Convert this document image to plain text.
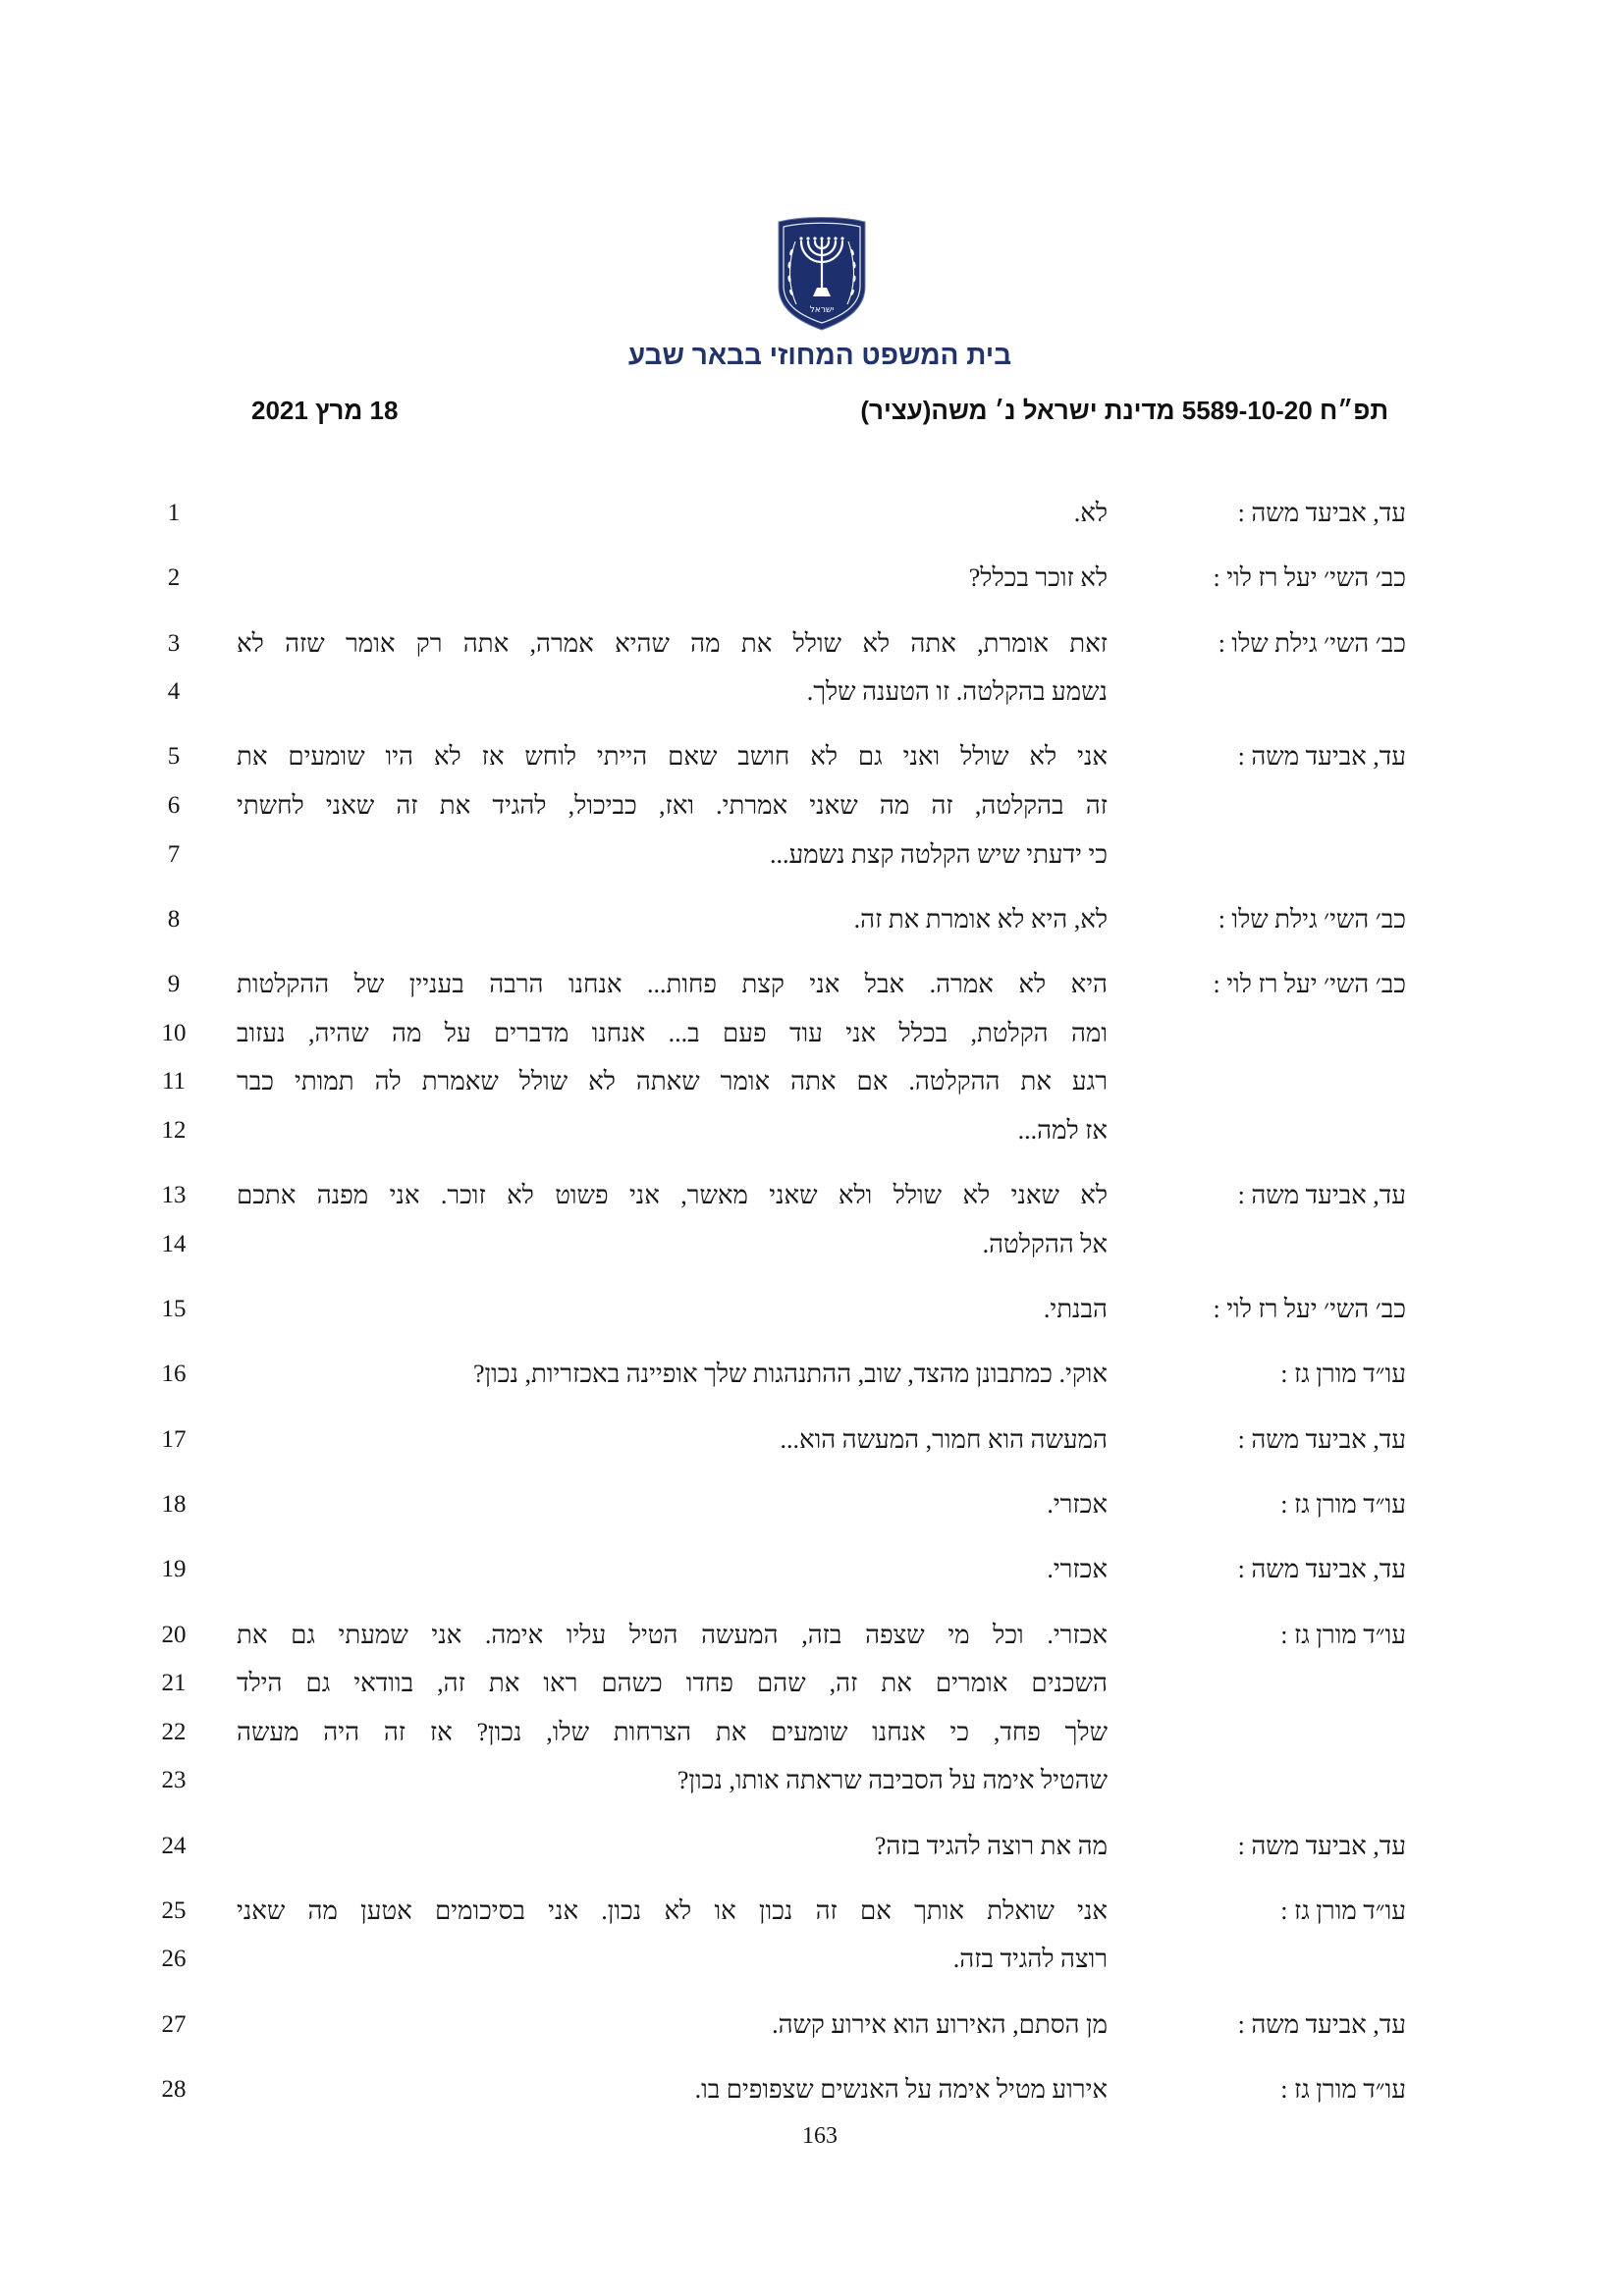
ישראל
בית המשפט המחוזי בבאר שבע
תפ״ח 5589-10-20 מדינת ישראל נ׳ משה(עציר)
18 מרץ 2021
עד, אביעד משה :
1	לא.
כב׳ השי׳ יעל רז לוי :
2	לא זוכר בכלל?
כב׳ השי׳ גילת שלו :
3	זאת אומרת, אתה לא שולל את מה שהיא אמרה, אתה רק אומר שזה לא
4	נשמע בהקלטה. זו הטענה שלך.
עד, אביעד משה :
5	אני לא שולל ואני גם לא חושב שאם הייתי לוחש אז לא היו שומעים את
6	זה בהקלטה, זה מה שאני אמרתי. ואז, כביכול, להגיד את זה שאני לחשתי
7	כי ידעתי שיש הקלטה קצת נשמע...
כב׳ השי׳ גילת שלו :
8	לא, היא לא אומרת את זה.
כב׳ השי׳ יעל רז לוי :
9	היא לא אמרה. אבל אני קצת פחות... אנחנו הרבה בעניין של ההקלטות
10	ומה הקלטת, בכלל אני עוד פעם ב... אנחנו מדברים על מה שהיה, נעזוב
11	רגע את ההקלטה. אם אתה אומר שאתה לא שולל שאמרת לה תמותי כבר
12	אז למה...
עד, אביעד משה :
13	לא שאני לא שולל ולא שאני מאשר, אני פשוט לא זוכר. אני מפנה אתכם
14	אל ההקלטה.
כב׳ השי׳ יעל רז לוי :
15	הבנתי.
עו״ד מורן גז :
16	אוקי. כמתבונן מהצד, שוב, ההתנהגות שלך אופיינה באכזריות, נכון?
עד, אביעד משה :
17	המעשה הוא חמור, המעשה הוא...
עו״ד מורן גז :
18	אכזרי.
עד, אביעד משה :
19	אכזרי.
עו״ד מורן גז :
20	אכזרי. וכל מי שצפה בזה, המעשה הטיל עליו אימה. אני שמעתי גם את
21	השכנים אומרים את זה, שהם פחדו כשהם ראו את זה, בוודאי גם הילד
22	שלך פחד, כי אנחנו שומעים את הצרחות שלו, נכון? אז זה היה מעשה
23	שהטיל אימה על הסביבה שראתה אותו, נכון?
עד, אביעד משה :
24	מה את רוצה להגיד בזה?
עו״ד מורן גז :
25	אני שואלת אותך אם זה נכון או לא נכון. אני בסיכומים אטען מה שאני
26	רוצה להגיד בזה.
עד, אביעד משה :
27	מן הסתם, האירוע הוא אירוע קשה.
עו״ד מורן גז :
28	אירוע מטיל אימה על האנשים שצפופים בו.
163
